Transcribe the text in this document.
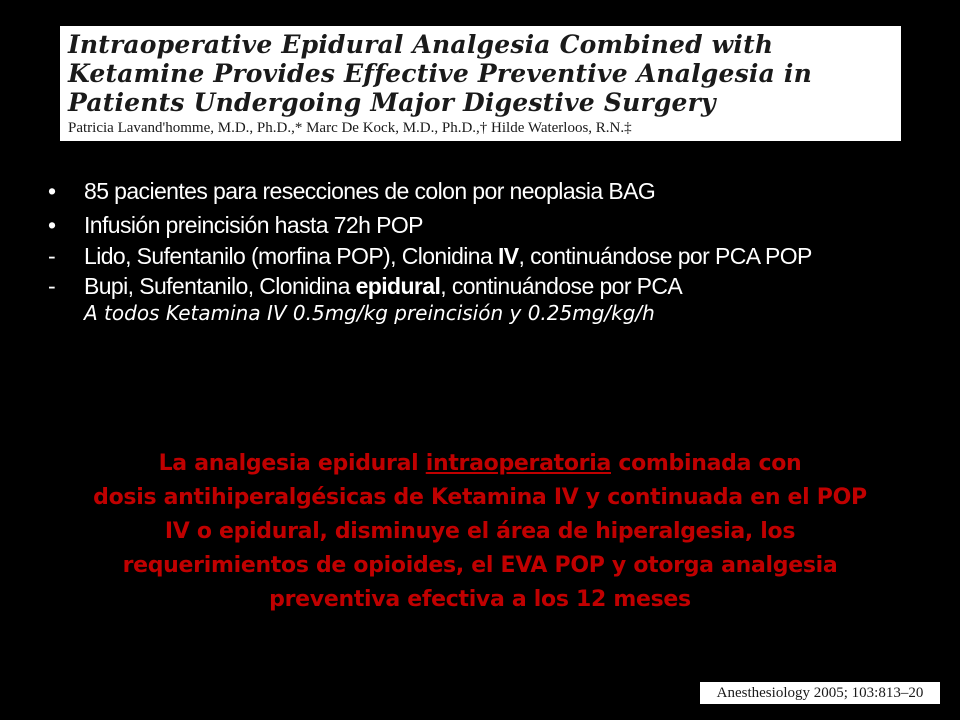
Intraoperative Epidural Analgesia Combined with
Ketamine Provides Effective Preventive Analgesia in
Patients Undergoing Major Digestive Surgery
Patricia Lavand'homme, M.D., Ph.D.,* Marc De Kock, M.D., Ph.D.,† Hilde Waterloos, R.N.‡
•	85 pacientes para resecciones de colon por neoplasia BAG
•	Infusión preincisión hasta 72h POP
-	Lido, Sufentanilo (morfina POP), Clonidina IV, continuándose por PCA POP
-	Bupi, Sufentanilo, Clonidina epidural, continuándose por PCA
A todos Ketamina IV 0.5mg/kg preincisión y 0.25mg/kg/h
La analgesia epidural intraoperatoria combinada con
dosis antihiperalgésicas de Ketamina IV y continuada en el POP
IV o epidural, disminuye el área de hiperalgesia, los
requerimientos de opioides, el EVA POP y otorga analgesia
preventiva efectiva a los 12 meses
Anesthesiology 2005; 103:813–20
